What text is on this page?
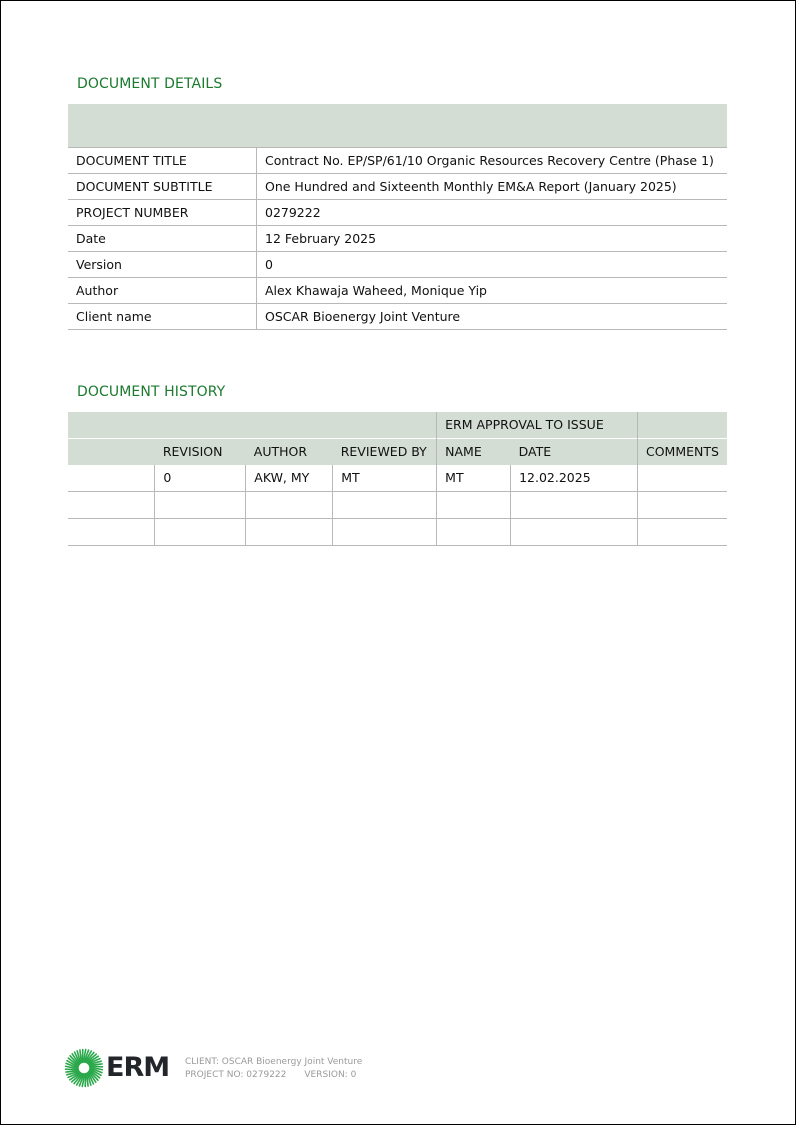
DOCUMENT DETAILS

DOCUMENT TITLE	Contract No. EP/SP/61/10 Organic Resources Recovery Centre (Phase 1)
DOCUMENT SUBTITLE	One Hundred and Sixteenth Monthly EM&A Report (January 2025)
PROJECT NUMBER	0279222
Date	12 February 2025
Version	0
Author	Alex Khawaja Waheed, Monique Yip
Client name	OSCAR Bioenergy Joint Venture
DOCUMENT HISTORY
				ERM APPROVAL TO ISSUE		
	REVISION	AUTHOR	REVIEWED BY	NAME	DATE	COMMENTS
	0	AKW, MY	MT	MT	12.02.2025	

ERM CLIENT: OSCAR Bioenergy Joint Venture
PROJECT NO: 0279222 VERSION: 0
